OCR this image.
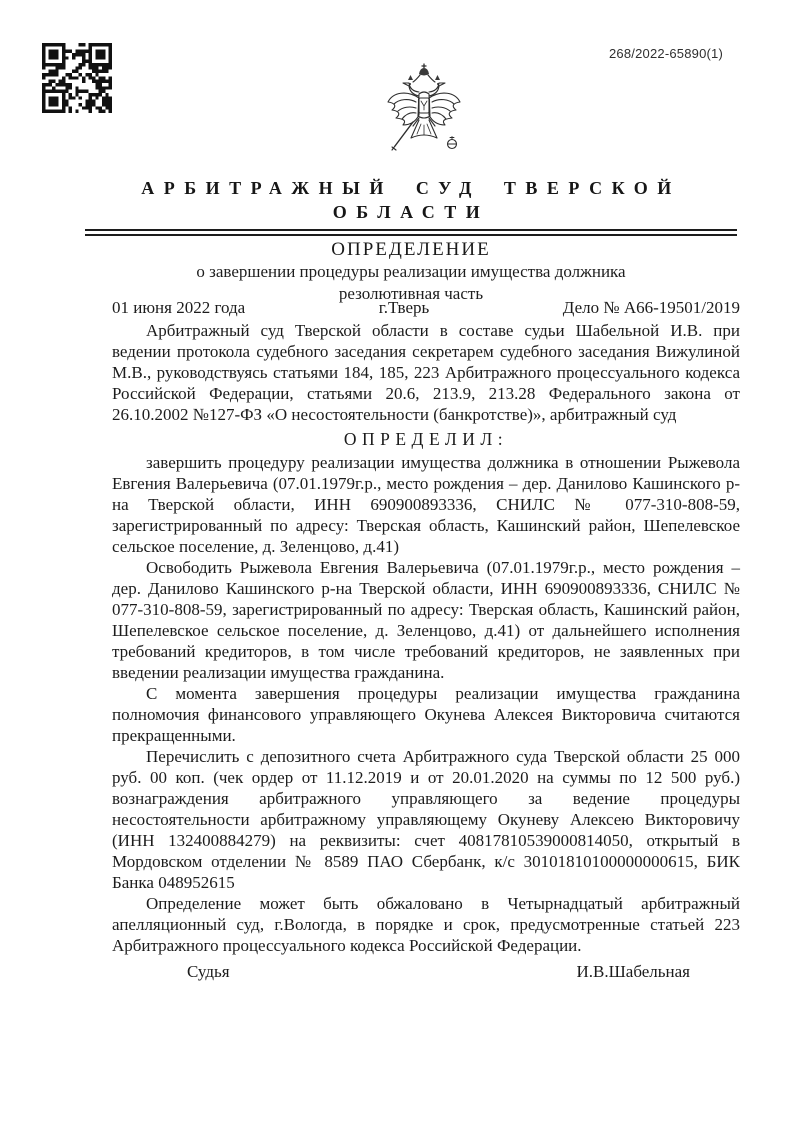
268/2022-65890(1)
АРБИТРАЖНЫЙ СУД ТВЕРСКОЙ
ОБЛАСТИ
ОПРЕДЕЛЕНИЕ
о завершении процедуры реализации имущества должника
резолютивная часть
01 июня 2022 года	г.Тверь	Дело № А66-19501/2019

Арбитражный суд Тверской области в составе судьи Шабельной И.В. при ведении протокола судебного заседания секретарем судебного заседания Вижулиной М.В., руководствуясь статьями 184, 185, 223 Арбитражного процессуального кодекса Российской Федерации, статьями 20.6, 213.9, 213.28 Федерального закона от 26.10.2002 №127-ФЗ «О несостоятельности (банкротстве)», арбитражный суд

ОПРЕДЕЛИЛ:

завершить процедуру реализации имущества должника в отношении Рыжевола Евгения Валерьевича (07.01.1979г.р., место рождения – дер. Данилово Кашинского р-на Тверской области, ИНН 690900893336, СНИЛС № 077-310-808-59, зарегистрированный по адресу: Тверская область, Кашинский район, Шепелевское сельское поселение, д. Зеленцово, д.41)

Освободить Рыжевола Евгения Валерьевича (07.01.1979г.р., место рождения – дер. Данилово Кашинского р-на Тверской области, ИНН 690900893336, СНИЛС № 077-310-808-59, зарегистрированный по адресу: Тверская область, Кашинский район, Шепелевское сельское поселение, д. Зеленцово, д.41) от дальнейшего исполнения требований кредиторов, в том числе требований кредиторов, не заявленных при введении реализации имущества гражданина.

С момента завершения процедуры реализации имущества гражданина полномочия финансового управляющего Окунева Алексея Викторовича считаются прекращенными.

Перечислить с депозитного счета Арбитражного суда Тверской области 25 000 руб. 00 коп. (чек ордер от 11.12.2019 и от 20.01.2020 на суммы по 12 500 руб.) вознаграждения арбитражного управляющего за ведение процедуры несостоятельности арбитражному управляющему Окуневу Алексею Викторовичу (ИНН 132400884279) на реквизиты: счет 40817810539000814050, открытый в Мордовском отделении № 8589 ПАО Сбербанк, к/с 30101810100000000615, БИК Банка 048952615

Определение может быть обжаловано в Четырнадцатый арбитражный апелляционный суд, г.Вологда, в порядке и срок, предусмотренные статьей 223 Арбитражного процессуального кодекса Российской Федерации.

Судья	И.В.Шабельная
